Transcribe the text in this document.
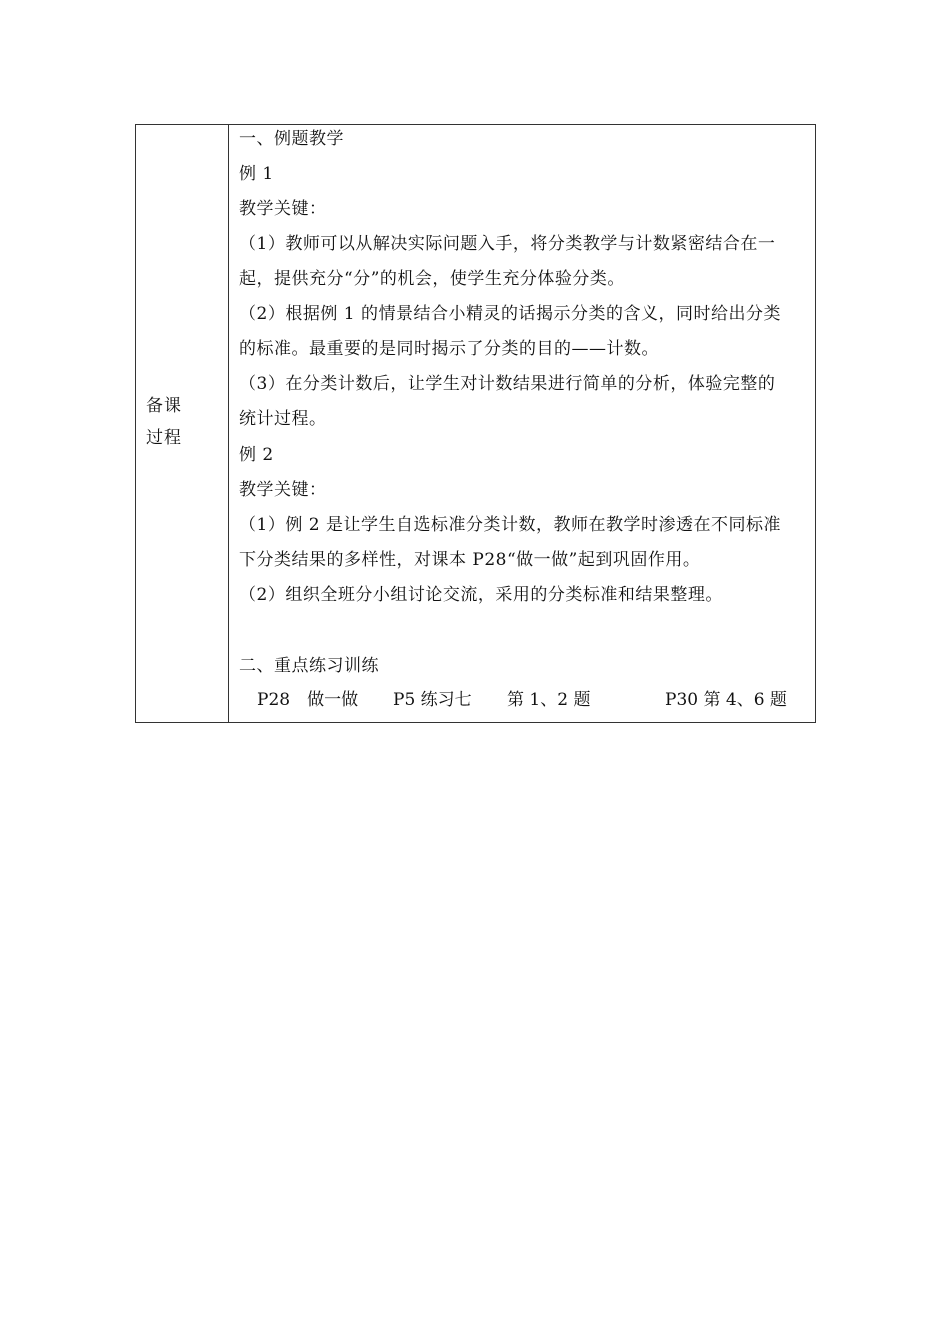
备课
过程
一、例题教学
例 1
教学关键：
（1）教师可以从解决实际问题入手，将分类教学与计数紧密结合在一
起，提供充分“分”的机会，使学生充分体验分类。
（2）根据例 1 的情景结合小精灵的话揭示分类的含义，同时给出分类
的标准。最重要的是同时揭示了分类的目的——计数。
（3）在分类计数后，让学生对计数结果进行简单的分析，体验完整的
统计过程。
例 2
教学关键：
（1）例 2 是让学生自选标准分类计数，教师在教学时渗透在不同标准
下分类结果的多样性，对课本 P28“做一做”起到巩固作用。
（2）组织全班分小组讨论交流，采用的分类标准和结果整理。
二、重点练习训练
P28　做一做 P5 练习七 第 1、2 题	P30 第 4、6 题
